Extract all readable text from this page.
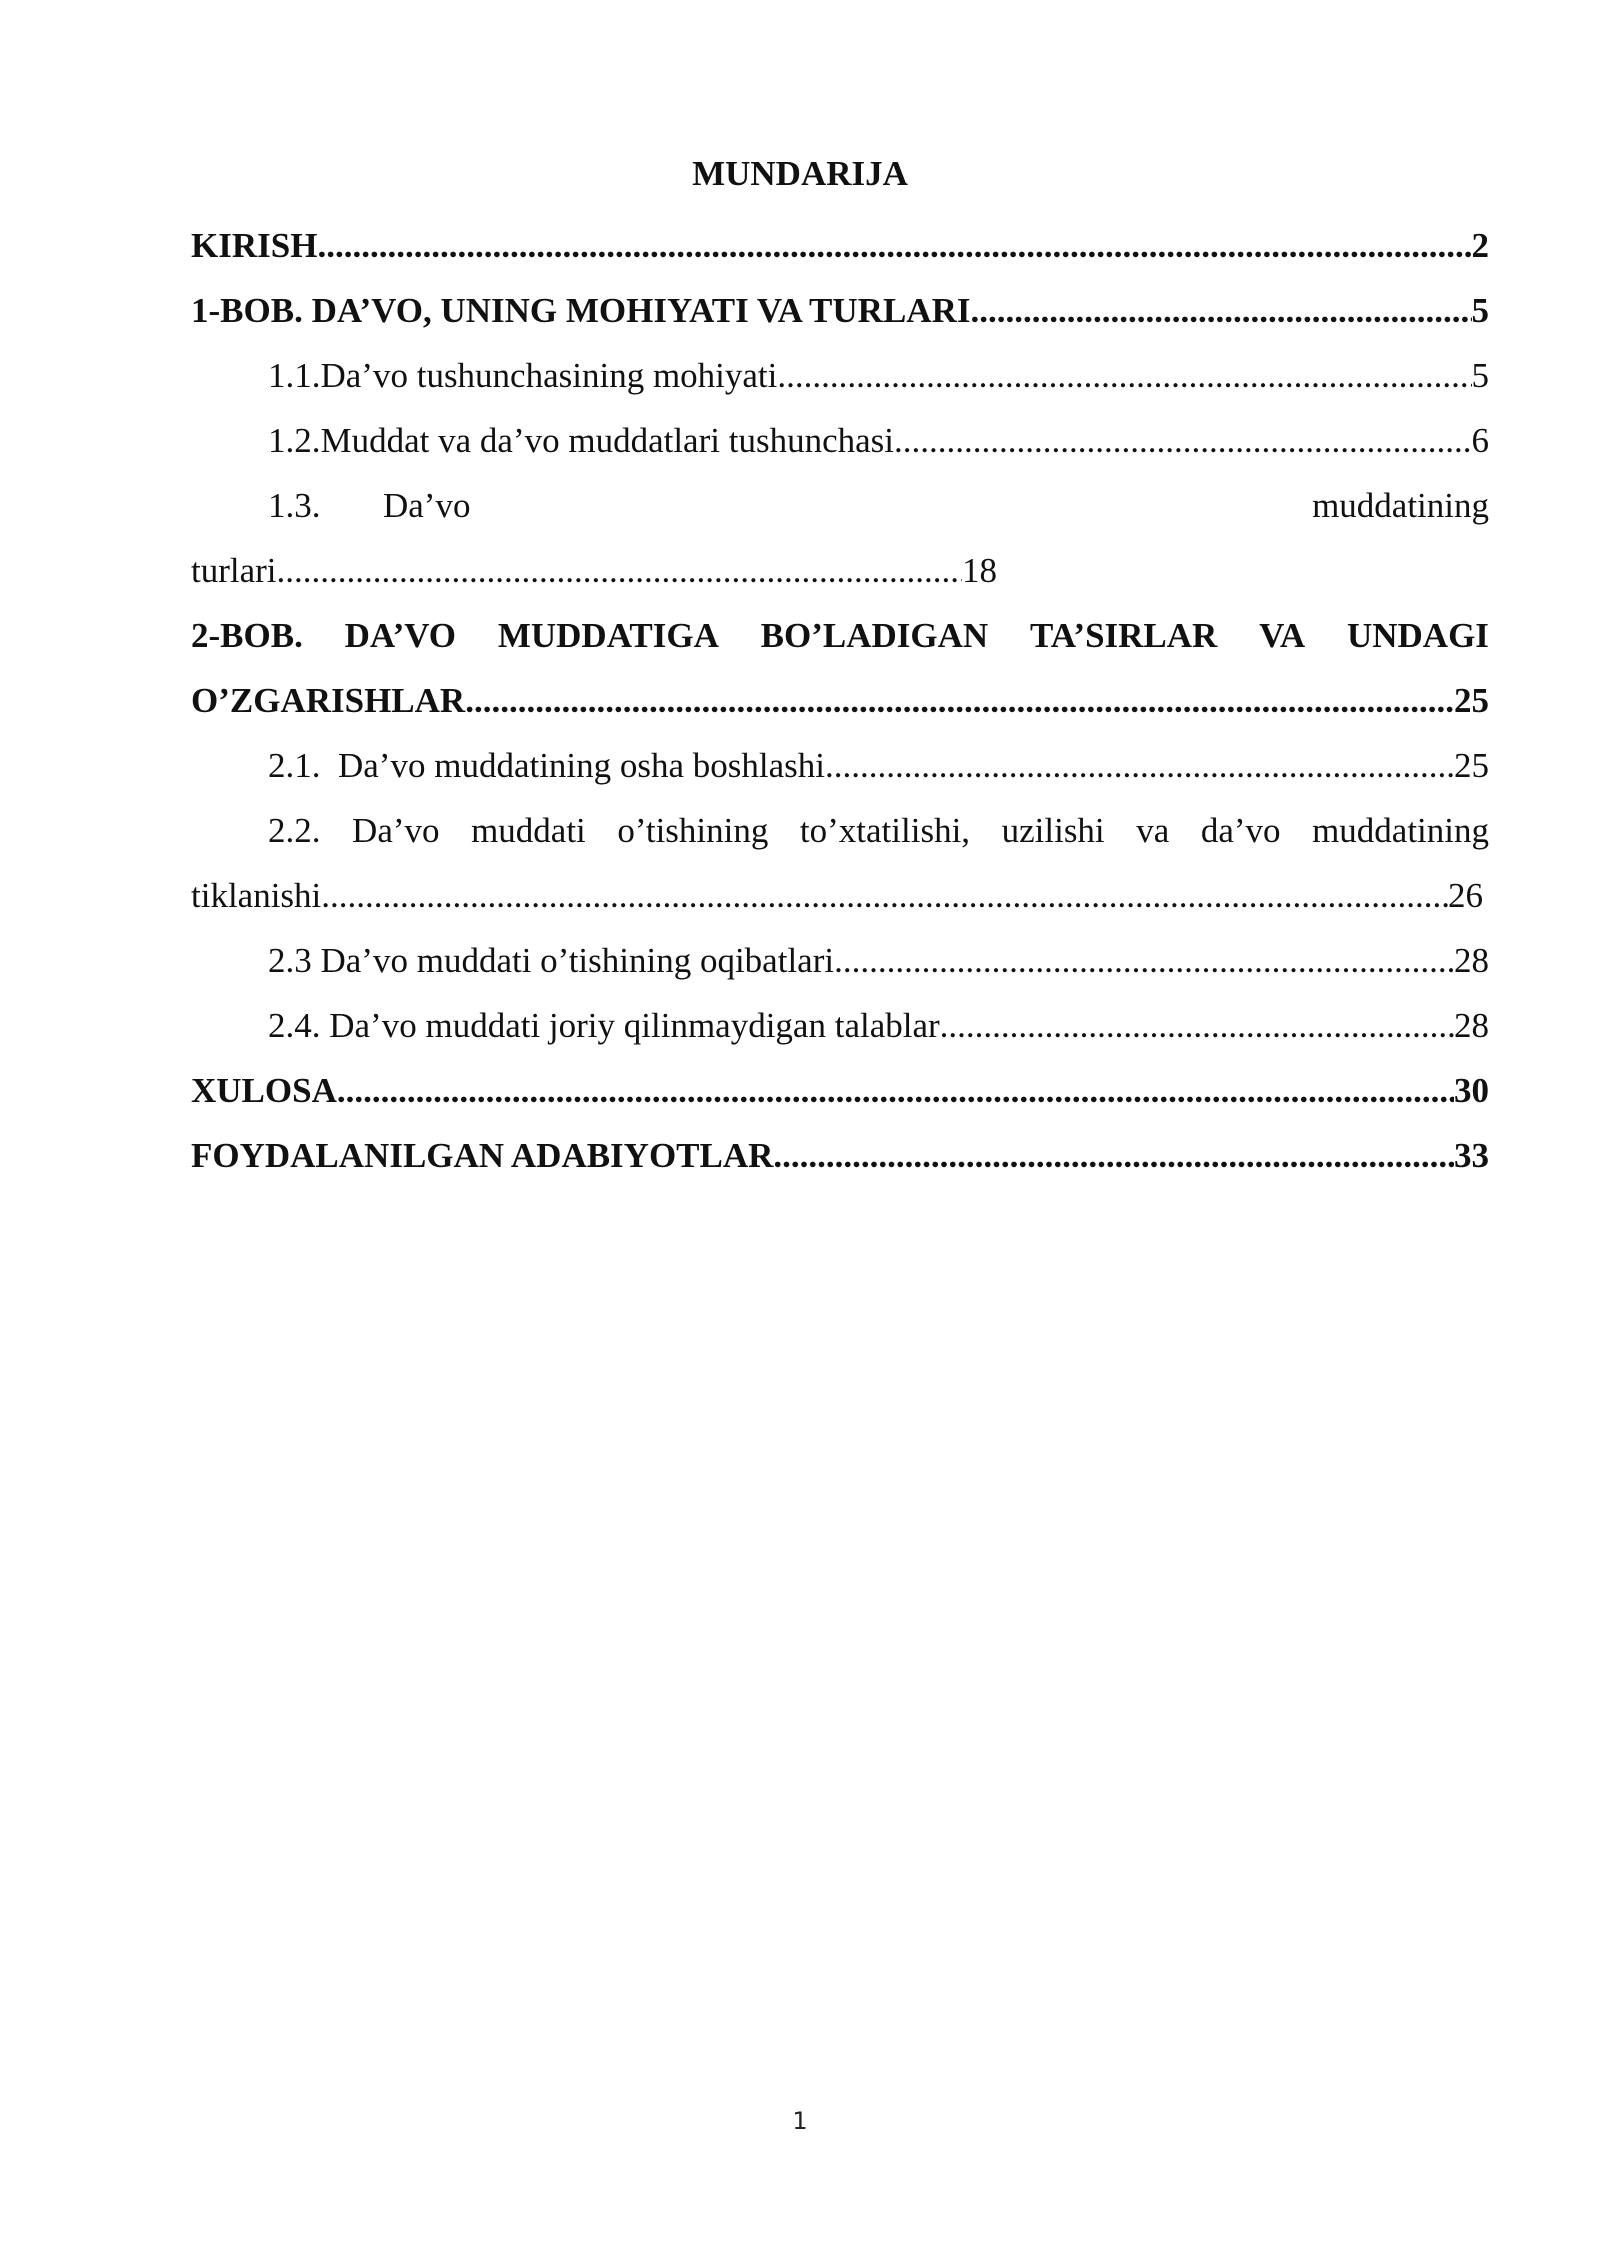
MUNDARIJA
KIRISH .....	2
1-BOB. DA’VO, UNING MOHIYATI VA TURLARI .....	5
1.1. Da’vo tushunchasining mohiyati .....	5
1.2. Muddat va da’vo muddatlari tushunchasi .....	6
1.3. Da’vo	muddatining
turlari .....	18
2-BOB. DA’VO MUDDATIGA BO’LADIGAN TA’SIRLAR VA UNDAGI
O’ZGARISHLAR .....	25
2.1.  Da’vo muddatining osha boshlashi .....	25
2.2. Da’vo muddati o’tishining to’xtatilishi, uzilishi va da’vo muddatining
tiklanishi .....	26
2.3 Da’vo muddati o’tishining oqibatlari .....	28
2.4. Da’vo muddati joriy qilinmaydigan talablar .....	28
XULOSA .....	30
FOYDALANILGAN ADABIYOTLAR .....	33
1
